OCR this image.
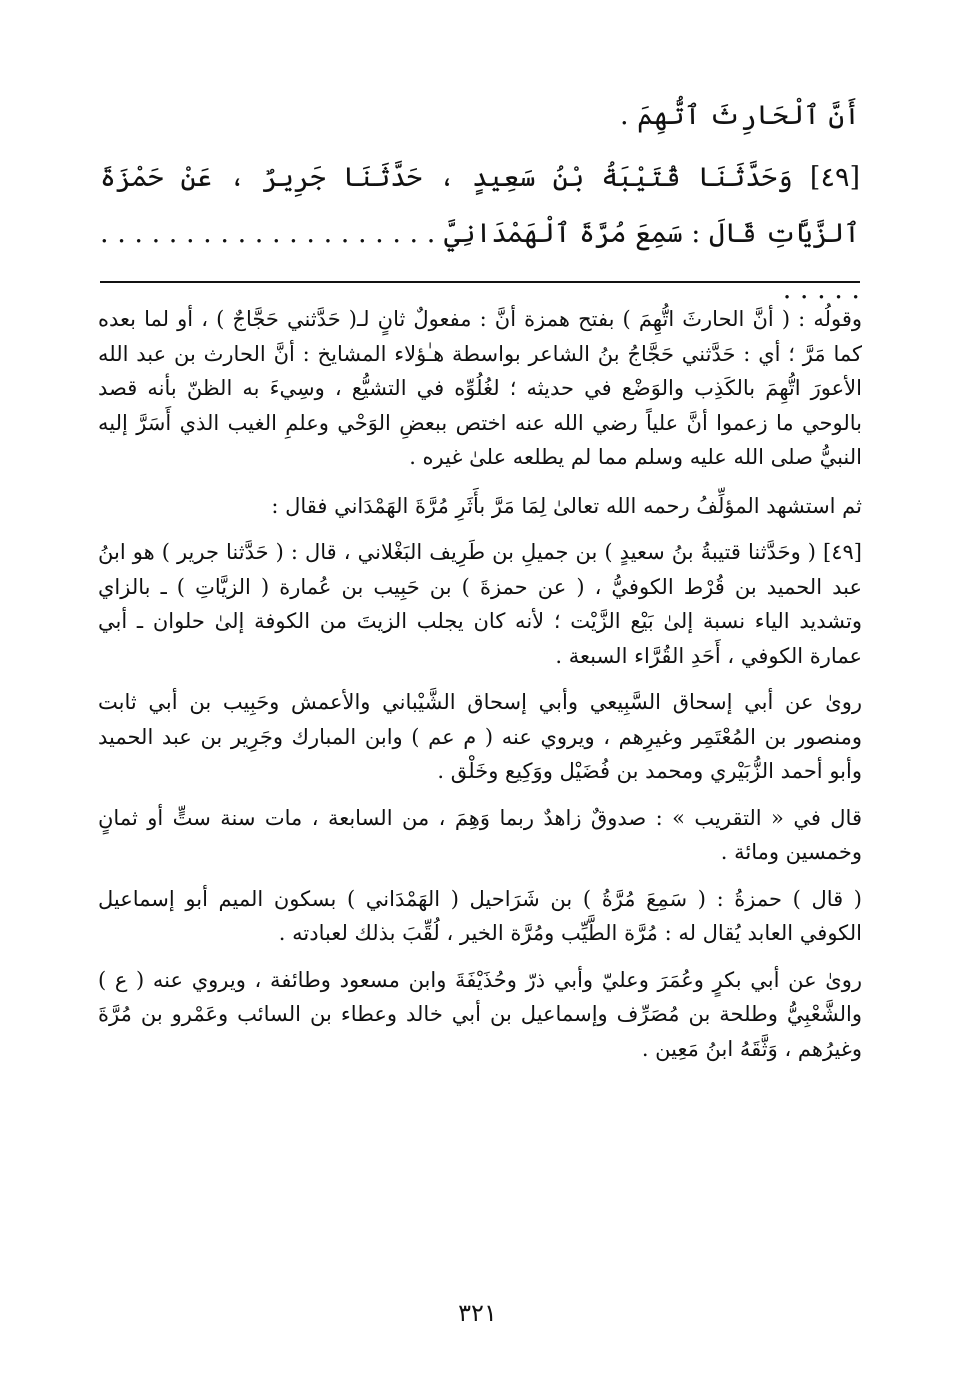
أَنَّ ٱلْحَارِثَ ٱتُّهِمَ .

[٤٩] وَحَدَّثَنَا قُتَيْبَةُ بْنُ سَعِيدٍ ، حَدَّثَنَا جَرِيرٌ ، عَنْ حَمْزَةَ ٱلزَّيَّاتِ قَالَ : سَمِعَ مُرَّةَ ٱلْهَمْدَانِيَّ . . . . . . . . . . . . . . . . . . . . . . . . .

وقولُه : ( أنَّ الحارثَ اتُّهِمَ ) بفتح همزة أنَّ : مفعولٌ ثانٍ لـ( حَدَّثني حَجَّاجٌ ) ، أو لما بعده كما مَرَّ ؛ أي : حَدَّثني حَجَّاجُ بنُ الشاعر بواسطة هـٰؤلاء المشايخ : أنَّ الحارث بن عبد الله الأعورَ اتُّهِمَ بالكَذِب والوَضْع في حديثه ؛ لغُلُوِّه في التشيُّع ، وسِيءَ به الظنّ بأنه قصد بالوحي ما زعموا أنَّ علياً رضي الله عنه اختص ببعضِ الوَحْي وعلمِ الغيب الذي أَسَرَّ إليه النبيُّ صلى الله عليه وسلم مما لم يطلعه علىٰ غيره .

ثم استشهد المؤلِّفُ رحمه الله تعالىٰ لِمَا مَرَّ بأَثَرِ مُرَّةَ الهَمْدَاني فقال :

[٤٩] ( وحَدَّثنا قتيبةُ بنُ سعيدٍ ) بن جميلِ بن طَرِيف البَغْلاني ، قال : ( حَدَّثنا جرير ) هو ابنُ عبد الحميد بن قُرْط الكوفيُّ ، ( عن حمزةَ ) بن حَبِيب بن عُمارة ( الزيَّاتِ ) ـ بالزاي وتشديد الياء نسبة إلىٰ بَيْع الزَّيْت ؛ لأنه كان يجلب الزيتَ من الكوفة إلىٰ حلوان ـ أبي عمارة الكوفي ، أَحَدِ القُرَّاء السبعة .

روىٰ عن أبي إسحاق السَّبِيعي وأبي إسحاق الشَّيْباني والأعمش وحَبِيب بن أبي ثابت ومنصور بن المُعْتَمِر وغيرِهم ، ويروي عنه ( م عم ) وابن المبارك وجَرِير بن عبد الحميد وأبو أحمد الزُّبَيْري ومحمد بن فُضَيْل ووَكِيع وخَلْق .

قال في « التقريب » : صدوقٌ زاهدٌ ربما وَهِمَ ، من السابعة ، مات سنة ستٍّ أو ثمانٍ وخمسين ومائة .

( قال ) حمزةُ : ( سَمِعَ مُرَّةُ ) بن شَرَاحيل ( الهَمْدَاني ) بسكون الميم أبو إسماعيل الكوفي العابد يُقال له : مُرَّة الطَّيِّب ومُرَّة الخير ، لُقِّبَ بذلك لعبادته .

روىٰ عن أبي بكرٍ وعُمَرَ وعليّ وأبي ذرّ وحُذَيْفَةَ وابن مسعود وطائفة ، ويروي عنه ( ع ) والشَّعْبِيُّ وطلحة بن مُصَرِّف وإسماعيل بن أبي خالد وعطاء بن السائب وعَمْرو بن مُرَّةَ وغيرُهم ، وَثَّقَهُ ابنُ مَعِين .

٣٢١
